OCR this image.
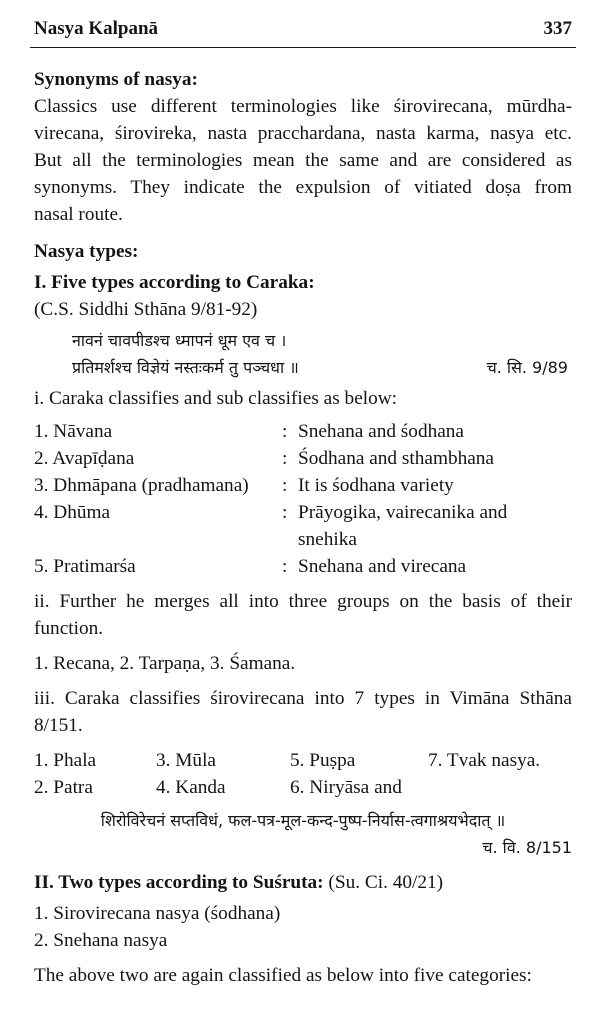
Nasya Kalpanā	337

Synonyms of nasya:

Classics use different terminologies like śirovirecana, mūrdha-

virecana, śirovireka, nasta pracchardana, nasta karma, nasya etc.

But all the terminologies mean the same and are considered as

synonyms. They indicate the expulsion of vitiated doṣa from

nasal route.

Nasya types:

I. Five types according to Caraka:

(C.S. Siddhi Sthāna 9/81-92)

नावनं चावपीडश्च ध्मापनं धूम एव च ।
प्रतिमर्शश्च विज्ञेयं नस्तःकर्म तु पञ्चधा ॥	च. सि. 9/89

i. Caraka classifies and sub classifies as below:

1. Nāvana	: Snehana and śodhana
2. Avapīḍana	: Śodhana and sthambhana
3. Dhmāpana (pradhamana)	: It is śodhana variety
4. Dhūma	: Prāyogika, vairecanika and
snehika
5. Pratimarśa	: Snehana and virecana

ii. Further he merges all into three groups on the basis of their

function.

1. Recana, 2. Tarpaṇa, 3. Śamana.

iii. Caraka classifies śirovirecana into 7 types in Vimāna Sthāna

8/151.

1. Phala	3. Mūla	5. Puṣpa	7. Tvak nasya.
2. Patra	4. Kanda	6. Niryāsa and

शिरोविरेचनं सप्तविधं, फल-पत्र-मूल-कन्द-पुष्प-निर्यास-त्वगाश्रयभेदात् ॥

च. वि. 8/151

II. Two types according to Suśruta: (Su. Ci. 40/21)

1. Sirovirecana nasya (śodhana)

2. Snehana nasya

The above two are again classified as below into five categories:
